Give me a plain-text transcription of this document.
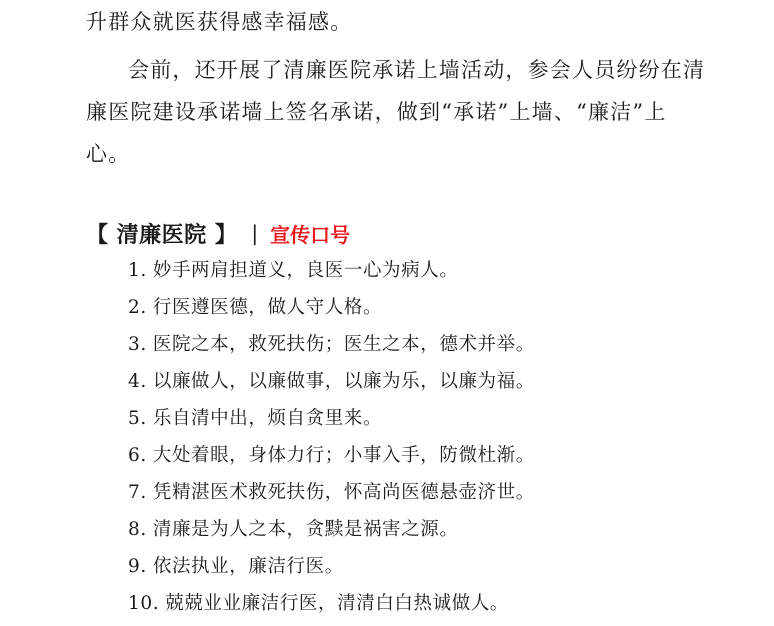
升群众就医获得感幸福感。
会前，还开展了清廉医院承诺上墙活动，参会人员纷纷在清
廉医院建设承诺墙上签名承诺，做到“承诺”上墙、“廉洁”上
心。
【 清廉医院 】 | 宣传口号
1. 妙手两肩担道义，良医一心为病人。
2. 行医遵医德，做人守人格。
3. 医院之本，救死扶伤；医生之本，德术并举。
4. 以廉做人，以廉做事，以廉为乐，以廉为福。
5. 乐自清中出，烦自贪里来。
6. 大处着眼，身体力行；小事入手，防微杜渐。
7. 凭精湛医术救死扶伤，怀高尚医德悬壶济世。
8. 清廉是为人之本，贪黩是祸害之源。
9. 依法执业，廉洁行医。
10. 兢兢业业廉洁行医，清清白白热诚做人。
